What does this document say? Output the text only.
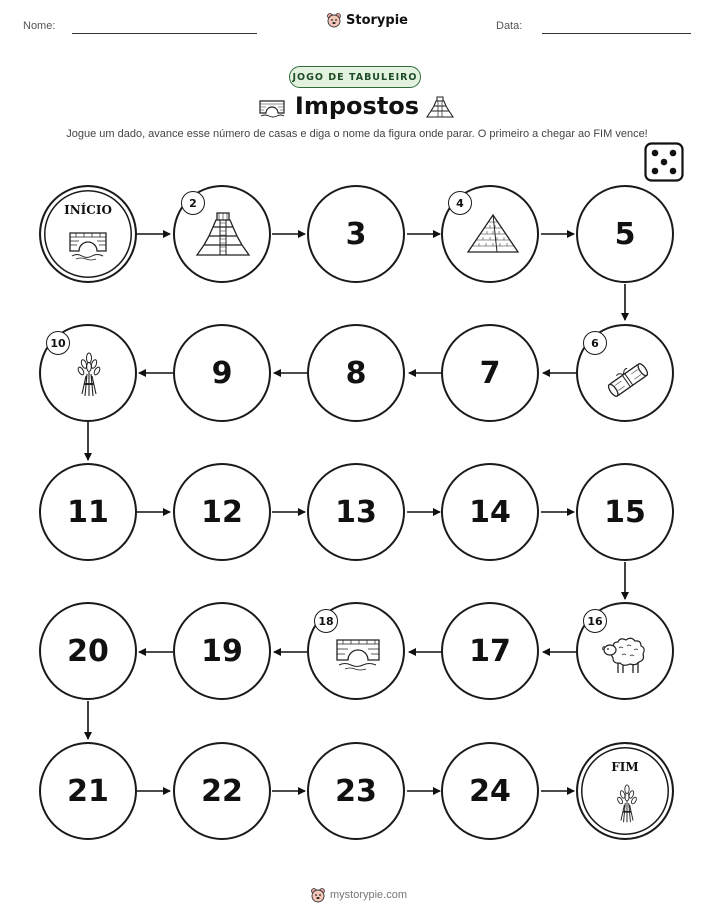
Nome:	Data:
Storypie
JOGO DE TABULEIRO
Impostos
Jogue um dado, avance esse número de casas e diga o nome da figura onde parar. O primeiro a chegar ao FIM vence!
INÍCIO	2
3
4
5
6
7
8
9
10
11	12	13	14	15
16
17
18
19
20
21	22	23	24
FIM
mystorypie.com
